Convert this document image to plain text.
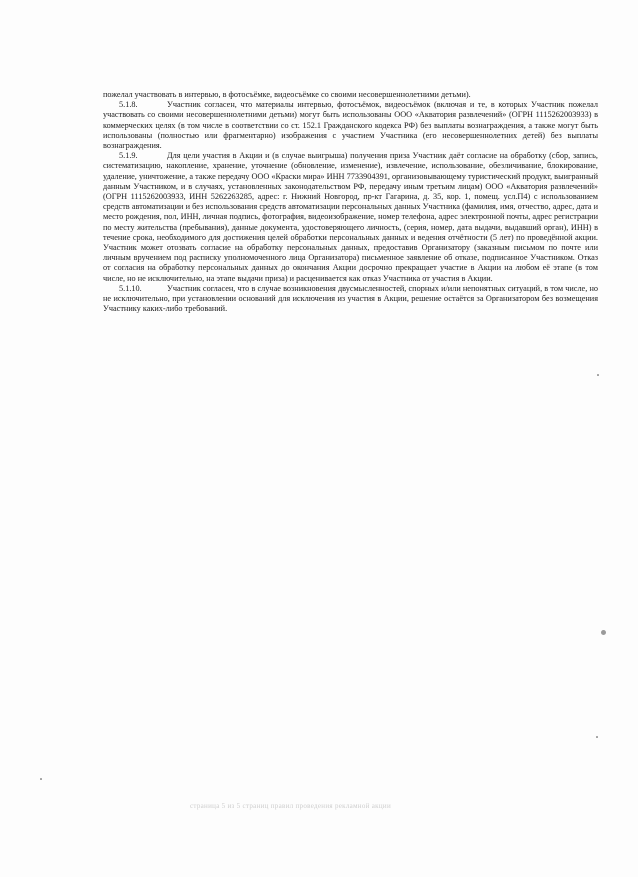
пожелал участвовать в интервью, в фотосъёмке, видеосъёмке со своими несовершеннолетними детьми).

5.1.8.	Участник согласен, что материалы интервью, фотосъёмок, видеосъёмок (включая и те, в которых Участник пожелал участвовать со своими несовершеннолетними детьми) могут быть использованы ООО «Акватория развлечений» (ОГРН 1115262003933) в коммерческих целях (в том числе в соответствии со ст. 152.1 Гражданского кодекса РФ) без выплаты вознаграждения, а также могут быть использованы (полностью или фрагментарно) изображения с участием Участника (его несовершеннолетних детей) без выплаты вознаграждения.

5.1.9.	Для цели участия в Акции и (в случае выигрыша) получения приза Участник даёт согласие на обработку (сбор, запись, систематизацию, накопление, хранение, уточнение (обновление, изменение), извлечение, использование, обезличивание, блокирование, удаление, уничтожение, а также передачу ООО «Краски мира» ИНН 7733904391, организовывающему туристический продукт, выигранный данным Участником, и в случаях, установленных законодательством РФ, передачу иным третьим лицам) ООО «Акватория развлечений» (ОГРН 1115262003933, ИНН 5262263285, адрес: г. Нижний Новгород, пр-кт Гагарина, д. 35, кор. 1, помещ. усл.П4) с использованием средств автоматизации и без использования средств автоматизации персональных данных Участника (фамилия, имя, отчество, адрес, дата и место рождения, пол, ИНН, личная подпись, фотография, видеоизображение, номер телефона, адрес электронной почты, адрес регистрации по месту жительства (пребывания), данные документа, удостоверяющего личность, (серия, номер, дата выдачи, выдавший орган), ИНН) в течение срока, необходимого для достижения целей обработки персональных данных и ведения отчётности (5 лет) по проведённой акции. Участник может отозвать согласие на обработку персональных данных, предоставив Организатору (заказным письмом по почте или личным вручением под расписку уполномоченного лица Организатора) письменное заявление об отказе, подписанное Участником. Отказ от согласия на обработку персональных данных до окончания Акции досрочно прекращает участие в Акции на любом её этапе (в том числе, но не исключительно, на этапе выдачи приза) и расценивается как отказ Участника от участия в Акции.

5.1.10.	Участник согласен, что в случае возникновения двусмысленностей, спорных и/или непонятных ситуаций, в том числе, но не исключительно, при установлении оснований для исключения из участия в Акции, решение остаётся за Организатором без возмещения Участнику каких-либо требований.

страница 5 из 5 страниц правил проведения рекламной акции
